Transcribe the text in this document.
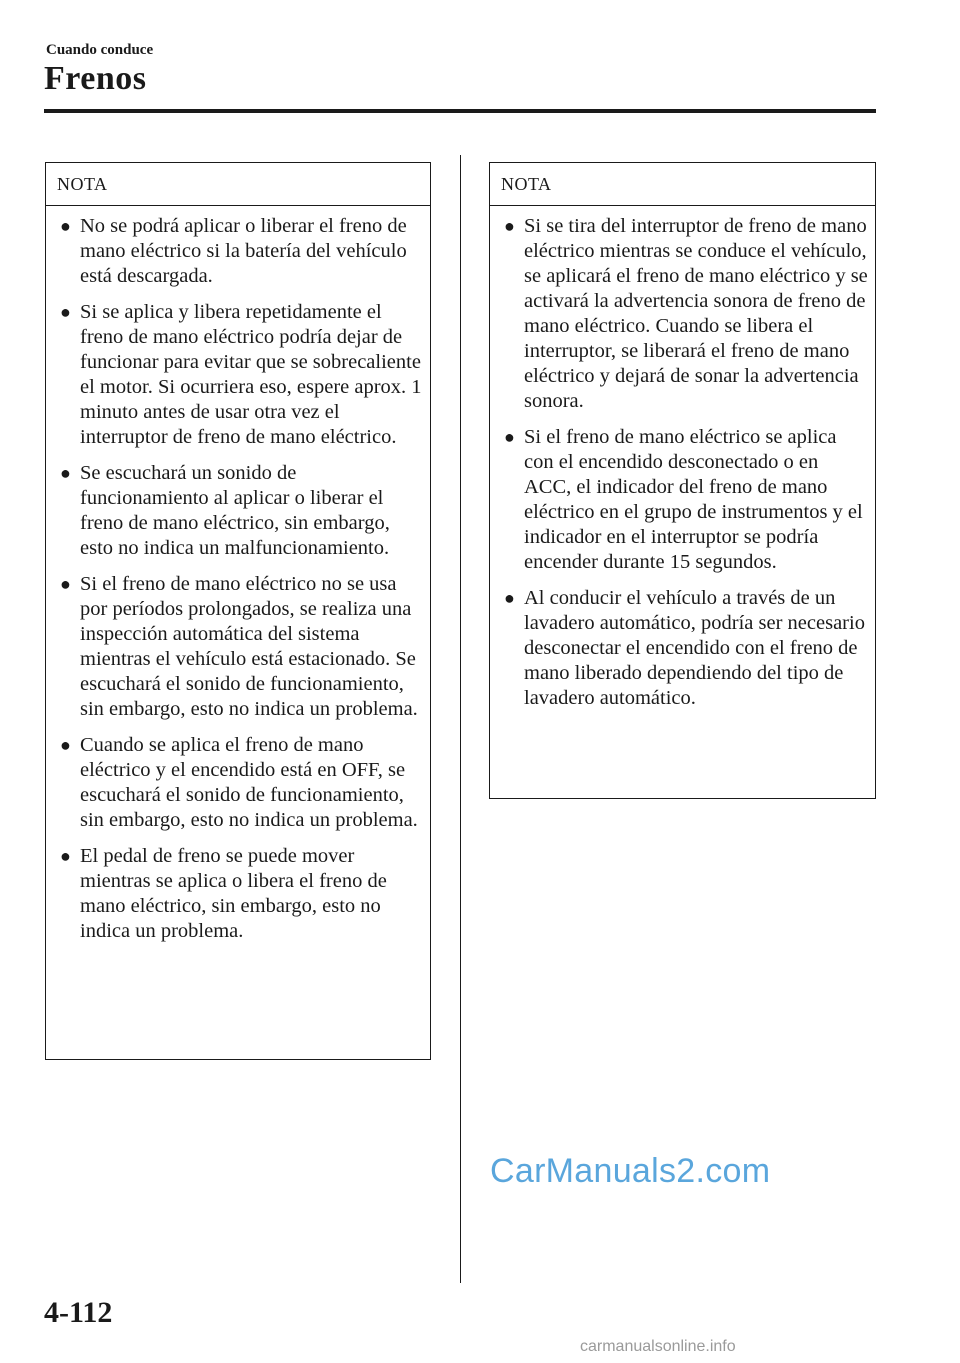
Cuando conduce
Frenos
NOTA
● No se podrá aplicar o liberar el freno de mano eléctrico si la batería del vehículo está descargada.
● Si se aplica y libera repetidamente el freno de mano eléctrico podría dejar de funcionar para evitar que se sobrecaliente el motor. Si ocurriera eso, espere aprox. 1 minuto antes de usar otra vez el interruptor de freno de mano eléctrico.
● Se escuchará un sonido de funcionamiento al aplicar o liberar el freno de mano eléctrico, sin embargo, esto no indica un malfuncionamiento.
● Si el freno de mano eléctrico no se usa por períodos prolongados, se realiza una inspección automática del sistema mientras el vehículo está estacionado. Se escuchará el sonido de funcionamiento, sin embargo, esto no indica un problema.
● Cuando se aplica el freno de mano eléctrico y el encendido está en OFF, se escuchará el sonido de funcionamiento, sin embargo, esto no indica un problema.
● El pedal de freno se puede mover mientras se aplica o libera el freno de mano eléctrico, sin embargo, esto no indica un problema.
NOTA
● Si se tira del interruptor de freno de mano eléctrico mientras se conduce el vehículo, se aplicará el freno de mano eléctrico y se activará la advertencia sonora de freno de mano eléctrico. Cuando se libera el interruptor, se liberará el freno de mano eléctrico y dejará de sonar la advertencia sonora.
● Si el freno de mano eléctrico se aplica con el encendido desconectado o en ACC, el indicador del freno de mano eléctrico en el grupo de instrumentos y el indicador en el interruptor se podría encender durante 15 segundos.
● Al conducir el vehículo a través de un lavadero automático, podría ser necesario desconectar el encendido con el freno de mano liberado dependiendo del tipo de lavadero automático.
CarManuals2.com
4-112
carmanualsonline.info
